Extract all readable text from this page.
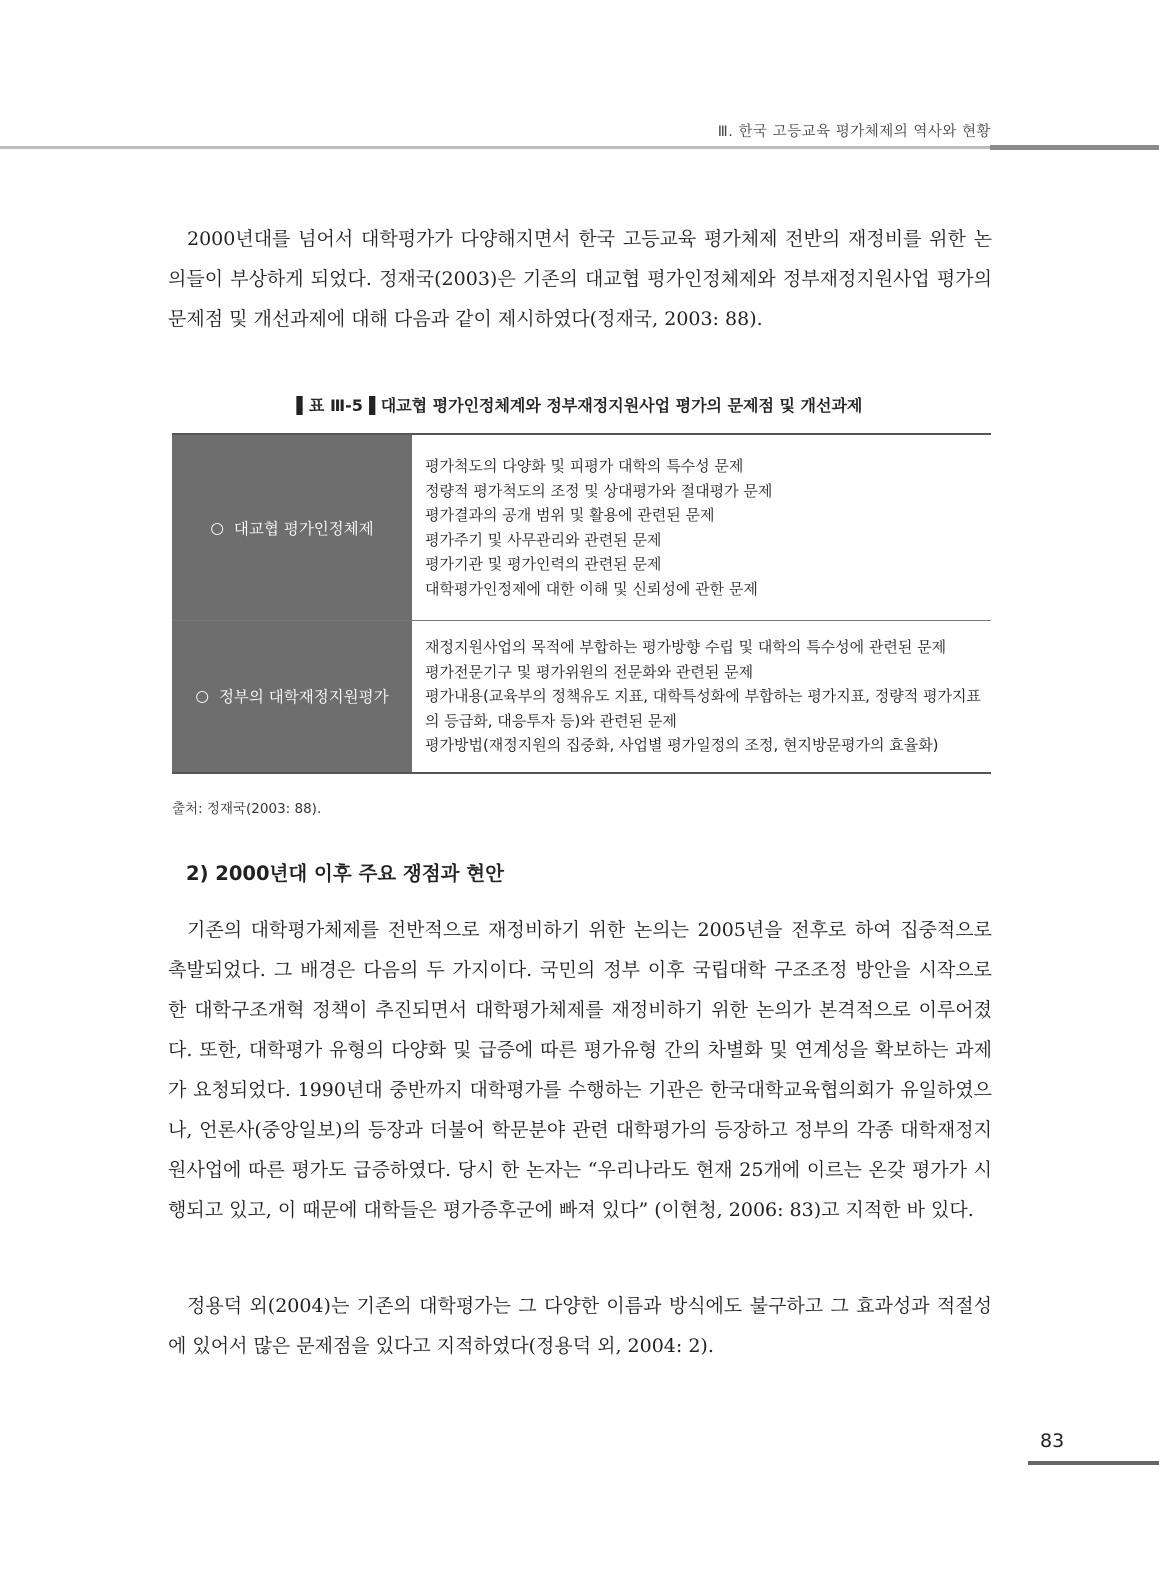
Ⅲ. 한국 고등교육 평가체제의 역사와 현황

2000년대를 넘어서 대학평가가 다양해지면서 한국 고등교육 평가체제 전반의 재정비를 위한 논의들이 부상하게 되었다. 정재국(2003)은 기존의 대교협 평가인정체제와 정부재정지원사업 평가의 문제점 및 개선과제에 대해 다음과 같이 제시하였다(정재국, 2003: 88).

▌표 Ⅲ-5▐ 대교협 평가인정체계와 정부재정지원사업 평가의 문제점 및 개선과제
○ 대교협 평가인정체제
평가척도의 다양화 및 피평가 대학의 특수성 문제
정량적 평가척도의 조정 및 상대평가와 절대평가 문제
평가결과의 공개 범위 및 활용에 관련된 문제
평가주기 및 사무관리와 관련된 문제
평가기관 및 평가인력의 관련된 문제
대학평가인정제에 대한 이해 및 신뢰성에 관한 문제
○ 정부의 대학재정지원평가
재정지원사업의 목적에 부합하는 평가방향 수립 및 대학의 특수성에 관련된 문제
평가전문기구 및 평가위원의 전문화와 관련된 문제
평가내용(교육부의 정책유도 지표, 대학특성화에 부합하는 평가지표, 정량적 평가지표의 등급화, 대응투자 등)와 관련된 문제
평가방법(재정지원의 집중화, 사업별 평가일정의 조정, 현지방문평가의 효율화)
출처: 정재국(2003: 88).
2) 2000년대 이후 주요 쟁점과 현안

기존의 대학평가체제를 전반적으로 재정비하기 위한 논의는 2005년을 전후로 하여 집중적으로 촉발되었다. 그 배경은 다음의 두 가지이다. 국민의 정부 이후 국립대학 구조조정 방안을 시작으로 한 대학구조개혁 정책이 추진되면서 대학평가체제를 재정비하기 위한 논의가 본격적으로 이루어졌다. 또한, 대학평가 유형의 다양화 및 급증에 따른 평가유형 간의 차별화 및 연계성을 확보하는 과제가 요청되었다. 1990년대 중반까지 대학평가를 수행하는 기관은 한국대학교육협의회가 유일하였으나, 언론사(중앙일보)의 등장과 더불어 학문분야 관련 대학평가의 등장하고 정부의 각종 대학재정지원사업에 따른 평가도 급증하였다. 당시 한 논자는 “우리나라도 현재 25개에 이르는 온갖 평가가 시행되고 있고, 이 때문에 대학들은 평가증후군에 빠져 있다” (이현청, 2006: 83)고 지적한 바 있다.

정용덕 외(2004)는 기존의 대학평가는 그 다양한 이름과 방식에도 불구하고 그 효과성과 적절성에 있어서 많은 문제점을 있다고 지적하였다(정용덕 외, 2004: 2).

83
